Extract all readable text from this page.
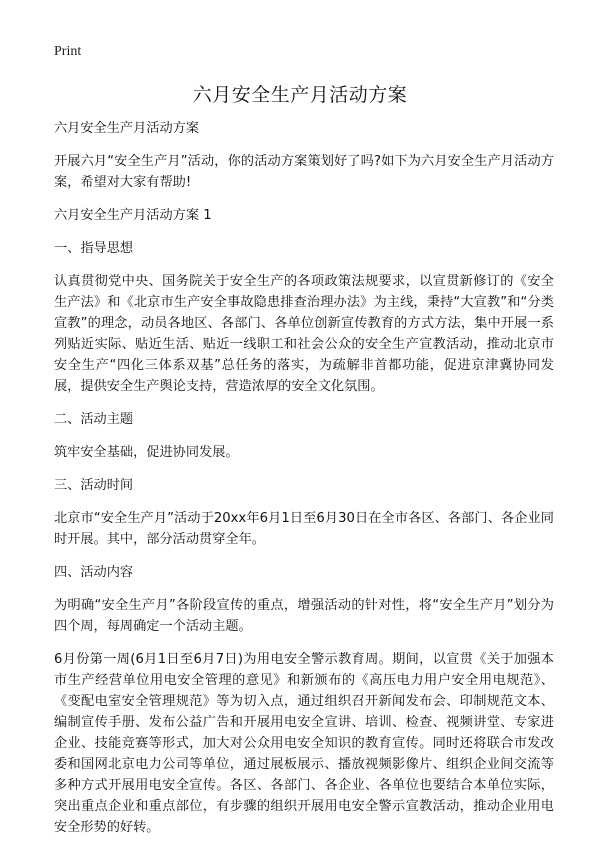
Print
六月安全生产月活动方案

六月安全生产月活动方案

开展六月“安全生产月”活动，你的活动方案策划好了吗?如下为六月安全生产月活动方案，希望对大家有帮助!

六月安全生产月活动方案 1

一、指导思想

认真贯彻党中央、国务院关于安全生产的各项政策法规要求，以宣贯新修订的《安全生产法》和《北京市生产安全事故隐患排查治理办法》为主线，秉持“大宣教”和“分类宣教”的理念，动员各地区、各部门、各单位创新宣传教育的方式方法，集中开展一系列贴近实际、贴近生活、贴近一线职工和社会公众的安全生产宣教活动，推动北京市安全生产“四化三体系双基”总任务的落实，为疏解非首都功能，促进京津冀协同发展，提供安全生产舆论支持，营造浓厚的安全文化氛围。

二、活动主题

筑牢安全基础，促进协同发展。

三、活动时间

北京市“安全生产月”活动于20xx年6月1日至6月30日在全市各区、各部门、各企业同时开展。其中，部分活动贯穿全年。

四、活动内容

为明确“安全生产月”各阶段宣传的重点，增强活动的针对性，将“安全生产月”划分为四个周，每周确定一个活动主题。

6月份第一周(6月1日至6月7日)为用电安全警示教育周。期间，以宣贯《关于加强本市生产经营单位用电安全管理的意见》和新颁布的《高压电力用户安全用电规范》、《变配电室安全管理规范》等为切入点，通过组织召开新闻发布会、印制规范文本、编制宣传手册、发布公益广告和开展用电安全宣讲、培训、检查、视频讲堂、专家进企业、技能竞赛等形式，加大对公众用电安全知识的教育宣传。同时还将联合市发改委和国网北京电力公司等单位，通过展板展示、播放视频影像片、组织企业间交流等多种方式开展用电安全宣传。各区、各部门、各企业、各单位也要结合本单位实际，突出重点企业和重点部位，有步骤的组织开展用电安全警示宣教活动，推动企业用电安全形势的好转。
